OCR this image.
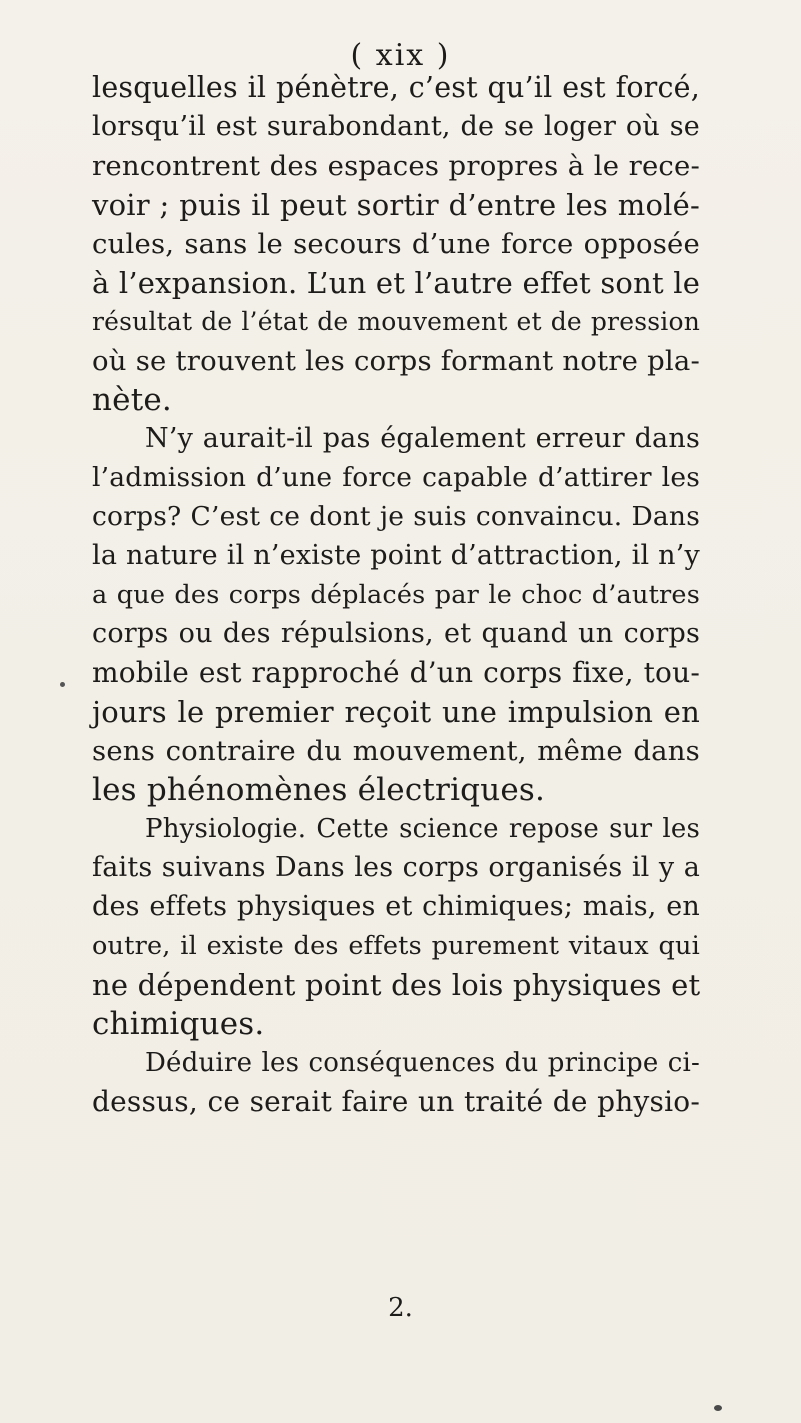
( xix )
lesquelles il pénètre, c’est qu’il est forcé,
lorsqu’il est surabondant, de se loger où se
rencontrent des espaces propres à le rece-
voir ; puis il peut sortir d’entre les molé-
cules, sans le secours d’une force opposée
à l’expansion. L’un et l’autre effet sont le
résultat de l’état de mouvement et de pression
où se trouvent les corps formant notre pla-
nète.
N’y aurait-il pas également erreur dans
l’admission d’une force capable d’attirer les
corps? C’est ce dont je suis convaincu. Dans
la nature il n’existe point d’attraction, il n’y
a que des corps déplacés par le choc d’autres
corps ou des répulsions, et quand un corps
mobile est rapproché d’un corps fixe, tou-
jours le premier reçoit une impulsion en
sens contraire du mouvement, même dans
les phénomènes électriques.
Physiologie. Cette science repose sur les
faits suivans Dans les corps organisés il y a
des effets physiques et chimiques; mais, en
outre, il existe des effets purement vitaux qui
ne dépendent point des lois physiques et
chimiques.
Déduire les conséquences du principe ci-
dessus, ce serait faire un traité de physio-
2.
